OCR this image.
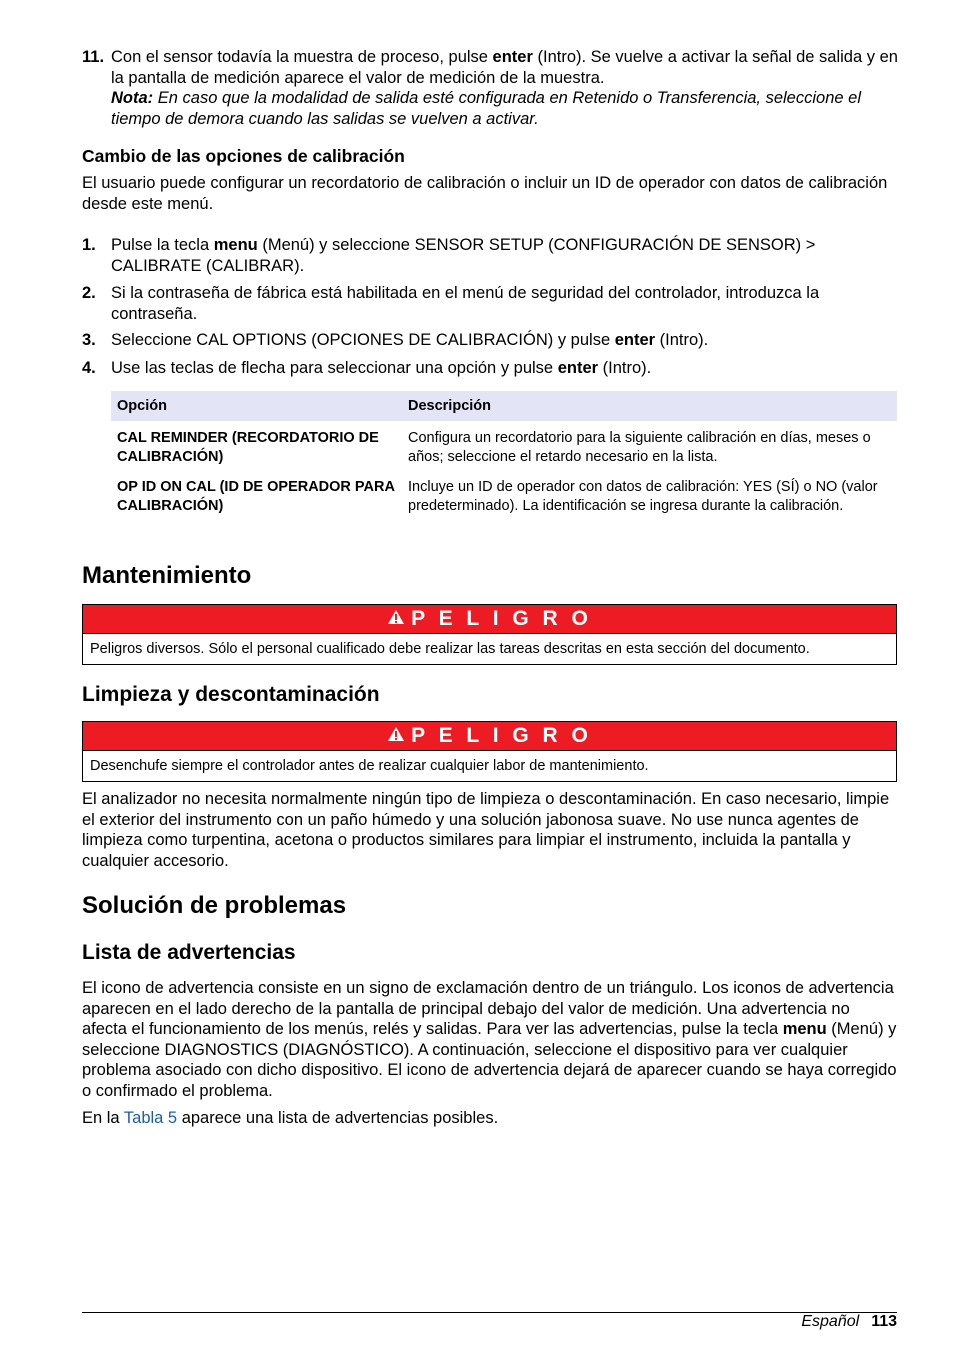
11. Con el sensor todavía la muestra de proceso, pulse enter (Intro). Se vuelve a activar la señal de salida y en la pantalla de medición aparece el valor de medición de la muestra.
Nota: En caso que la modalidad de salida esté configurada en Retenido o Transferencia, seleccione el tiempo de demora cuando las salidas se vuelven a activar.
Cambio de las opciones de calibración
El usuario puede configurar un recordatorio de calibración o incluir un ID de operador con datos de calibración desde este menú.
1. Pulse la tecla menu (Menú) y seleccione SENSOR SETUP (CONFIGURACIÓN DE SENSOR) > CALIBRATE (CALIBRAR).
2. Si la contraseña de fábrica está habilitada en el menú de seguridad del controlador, introduzca la contraseña.
3. Seleccione CAL OPTIONS (OPCIONES DE CALIBRACIÓN) y pulse enter (Intro).
4. Use las teclas de flecha para seleccionar una opción y pulse enter (Intro).
Opción	Descripción
CAL REMINDER (RECORDATORIO DE CALIBRACIÓN)	Configura un recordatorio para la siguiente calibración en días, meses o años; seleccione el retardo necesario en la lista.
OP ID ON CAL (ID DE OPERADOR PARA CALIBRACIÓN)	Incluye un ID de operador con datos de calibración: YES (SÍ) o NO (valor predeterminado). La identificación se ingresa durante la calibración.
Mantenimiento
P E L I G R O
Peligros diversos. Sólo el personal cualificado debe realizar las tareas descritas en esta sección del documento.
Limpieza y descontaminación
P E L I G R O
Desenchufe siempre el controlador antes de realizar cualquier labor de mantenimiento.
El analizador no necesita normalmente ningún tipo de limpieza o descontaminación. En caso necesario, limpie el exterior del instrumento con un paño húmedo y una solución jabonosa suave. No use nunca agentes de limpieza como turpentina, acetona o productos similares para limpiar el instrumento, incluida la pantalla y cualquier accesorio.
Solución de problemas
Lista de advertencias
El icono de advertencia consiste en un signo de exclamación dentro de un triángulo. Los iconos de advertencia aparecen en el lado derecho de la pantalla de principal debajo del valor de medición. Una advertencia no afecta el funcionamiento de los menús, relés y salidas. Para ver las advertencias, pulse la tecla menu (Menú) y seleccione DIAGNOSTICS (DIAGNÓSTICO). A continuación, seleccione el dispositivo para ver cualquier problema asociado con dicho dispositivo. El icono de advertencia dejará de aparecer cuando se haya corregido o confirmado el problema.
En la Tabla 5 aparece una lista de advertencias posibles.
Español 113
